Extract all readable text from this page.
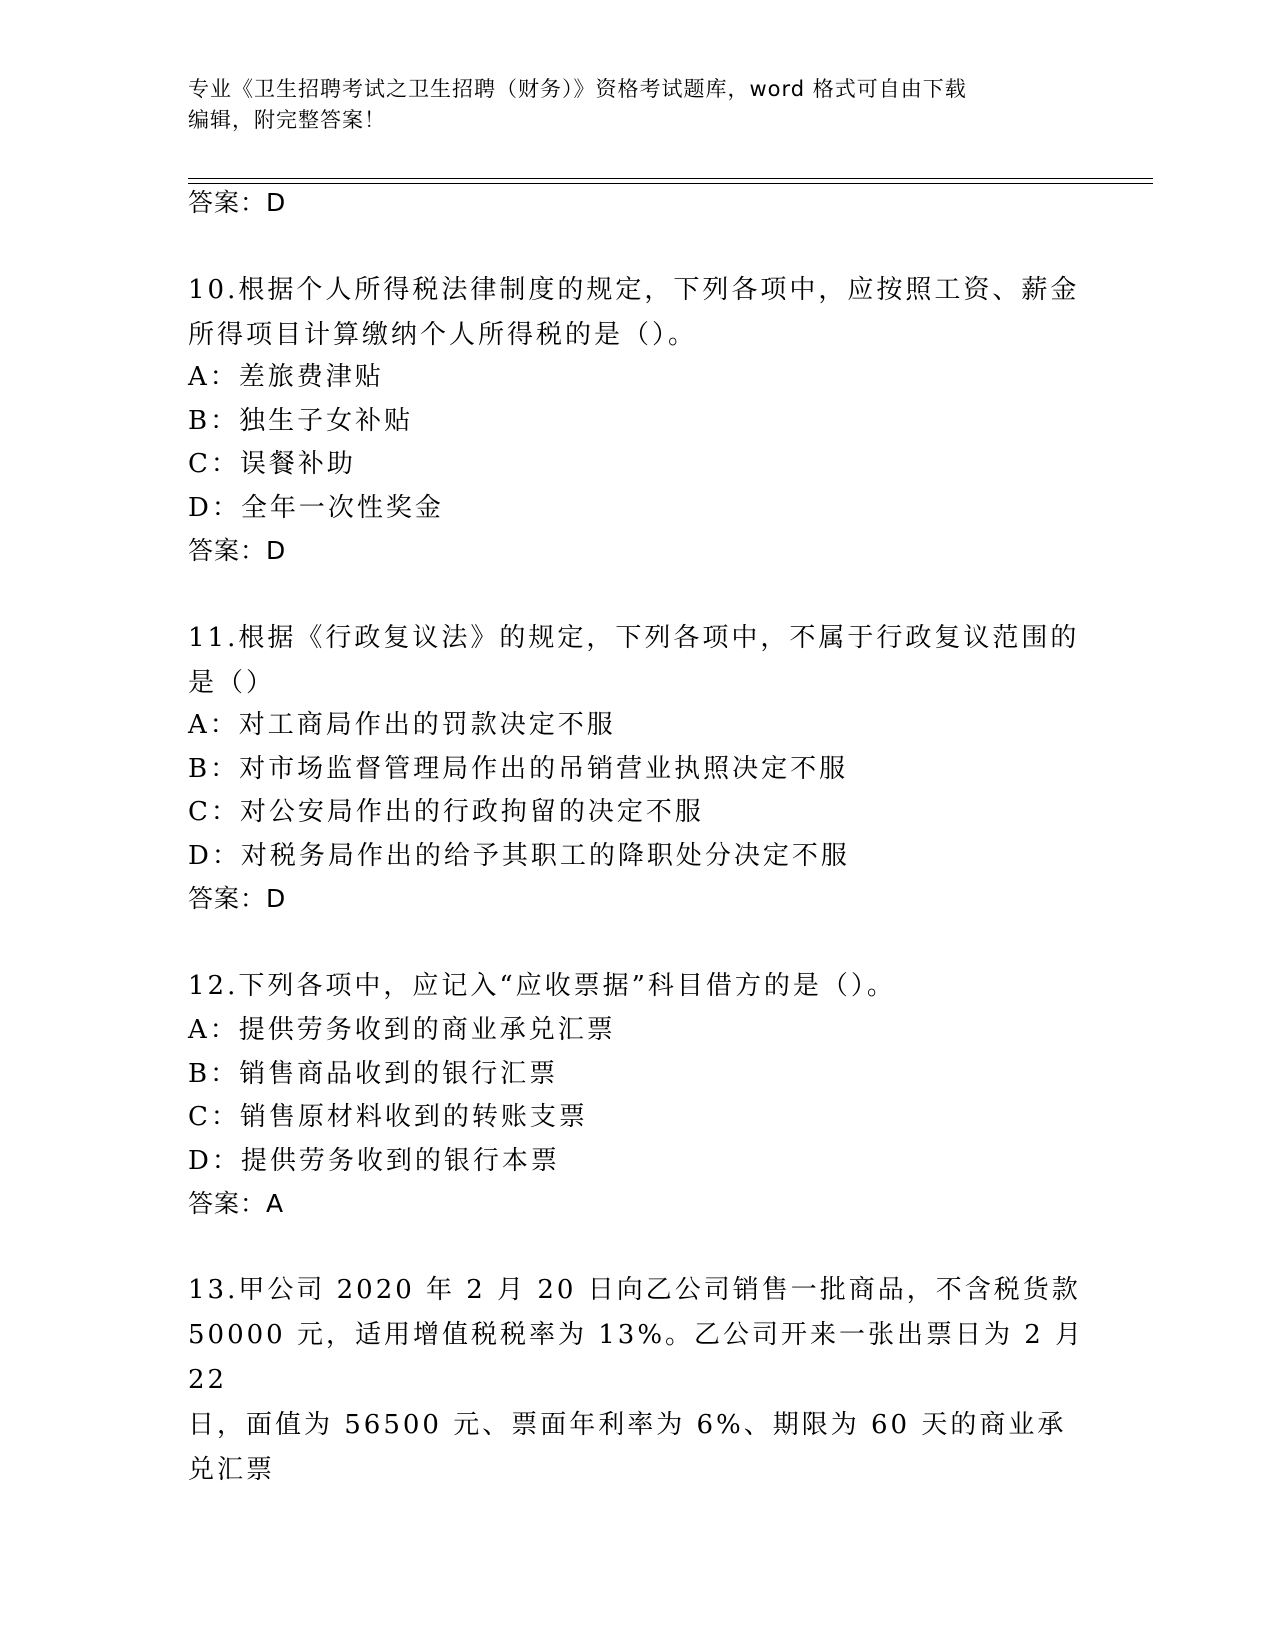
专业《卫生招聘考试之卫生招聘（财务）》资格考试题库，word 格式可自由下载
编辑，附完整答案！
答案：D
10.根据个人所得税法律制度的规定，下列各项中，应按照工资、薪金
所得项目计算缴纳个人所得税的是（）。
A：差旅费津贴
B：独生子女补贴
C：误餐补助
D：全年一次性奖金
答案：D
11.根据《行政复议法》的规定，下列各项中，不属于行政复议范围的
是（）
A：对工商局作出的罚款决定不服
B：对市场监督管理局作出的吊销营业执照决定不服
C：对公安局作出的行政拘留的决定不服
D：对税务局作出的给予其职工的降职处分决定不服
答案：D
12.下列各项中，应记入“应收票据”科目借方的是（）。
A：提供劳务收到的商业承兑汇票
B：销售商品收到的银行汇票
C：销售原材料收到的转账支票
D：提供劳务收到的银行本票
答案：A
13.甲公司 2020 年 2 月 20 日向乙公司销售一批商品，不含税货款
50000 元，适用增值税税率为 13%。乙公司开来一张出票日为 2 月 22
日，面值为 56500 元、票面年利率为 6%、期限为 60 天的商业承兑汇票
